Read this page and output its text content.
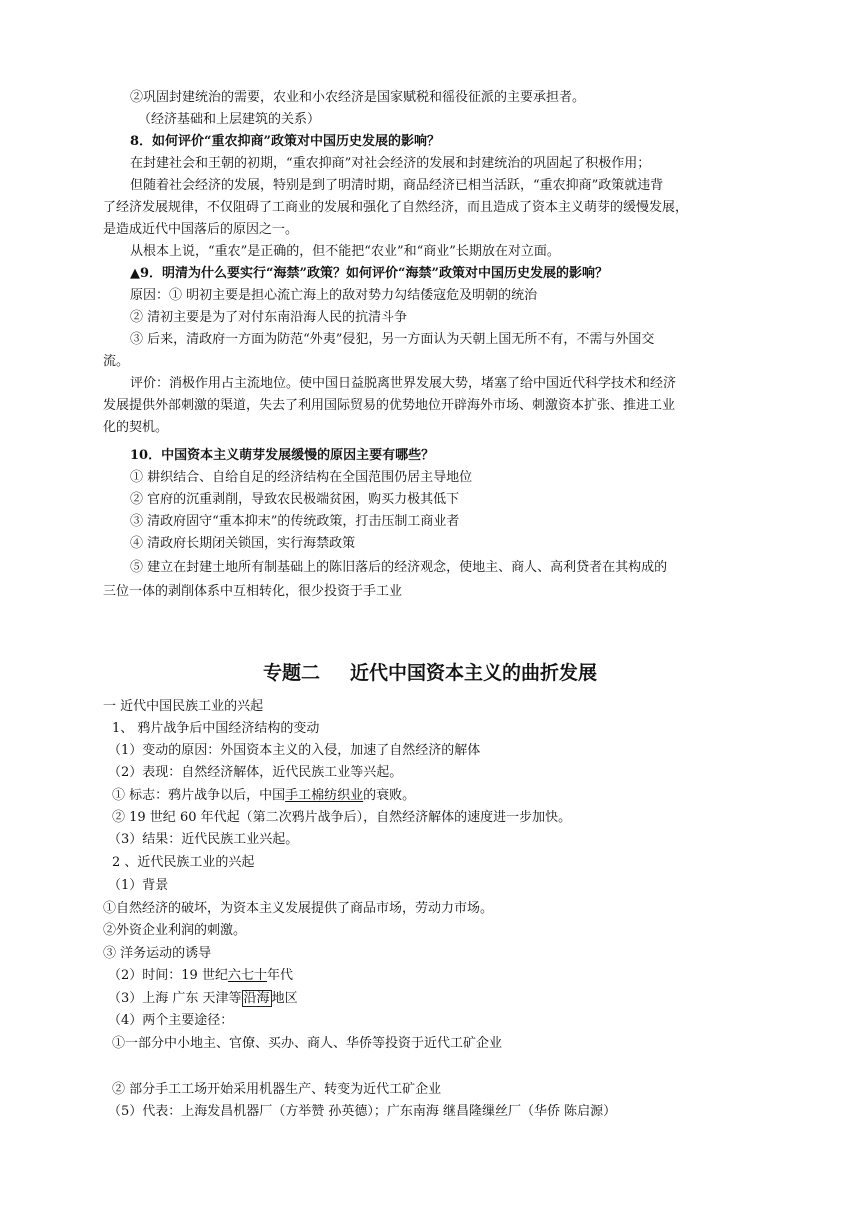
②巩固封建统治的需要，农业和小农经济是国家赋税和徭役征派的主要承担者。
（经济基础和上层建筑的关系）
8．如何评价“重农抑商”政策对中国历史发展的影响？
在封建社会和王朝的初期，“重农抑商”对社会经济的发展和封建统治的巩固起了积极作用；
但随着社会经济的发展，特别是到了明清时期，商品经济已相当活跃，“重农抑商”政策就违背
了经济发展规律，不仅阻碍了工商业的发展和强化了自然经济，而且造成了资本主义萌芽的缓慢发展，
是造成近代中国落后的原因之一。
从根本上说，“重农”是正确的，但不能把“农业”和“商业”长期放在对立面。
▲9．明清为什么要实行“海禁”政策？如何评价“海禁”政策对中国历史发展的影响？
原因：① 明初主要是担心流亡海上的敌对势力勾结倭寇危及明朝的统治
② 清初主要是为了对付东南沿海人民的抗清斗争
③ 后来，清政府一方面为防范“外夷”侵犯，另一方面认为天朝上国无所不有，不需与外国交
流。
评价：消极作用占主流地位。使中国日益脱离世界发展大势，堵塞了给中国近代科学技术和经济
发展提供外部刺激的渠道，失去了利用国际贸易的优势地位开辟海外市场、刺激资本扩张、推进工业
化的契机。
10．中国资本主义萌芽发展缓慢的原因主要有哪些？
① 耕织结合、自给自足的经济结构在全国范围仍居主导地位
② 官府的沉重剥削，导致农民极端贫困，购买力极其低下
③ 清政府固守“重本抑末”的传统政策，打击压制工商业者
④ 清政府长期闭关锁国，实行海禁政策
⑤ 建立在封建土地所有制基础上的陈旧落后的经济观念，使地主、商人、高利贷者在其构成的
三位一体的剥削体系中互相转化，很少投资于手工业
专题二 近代中国资本主义的曲折发展
一 近代中国民族工业的兴起
1、 鸦片战争后中国经济结构的变动
（1）变动的原因：外国资本主义的入侵，加速了自然经济的解体
（2）表现：自然经济解体，近代民族工业等兴起。
① 标志：鸦片战争以后，中国手工棉纺织业的衰败。
② 19 世纪 60 年代起（第二次鸦片战争后），自然经济解体的速度进一步加快。
（3）结果：近代民族工业兴起。
2 、近代民族工业的兴起
（1）背景
①自然经济的破坏，为资本主义发展提供了商品市场，劳动力市场。
②外资企业利润的刺激。
③ 洋务运动的诱导
（2）时间：19 世纪六七十年代
（3）上海 广东 天津等 沿海 地区
（4）两个主要途径：
①一部分中小地主、官僚、买办、商人、华侨等投资于近代工矿企业
② 部分手工工场开始采用机器生产、转变为近代工矿企业
（5）代表：上海发昌机器厂（方举赞 孙英德）；广东南海 继昌隆缫丝厂（华侨 陈启源）
